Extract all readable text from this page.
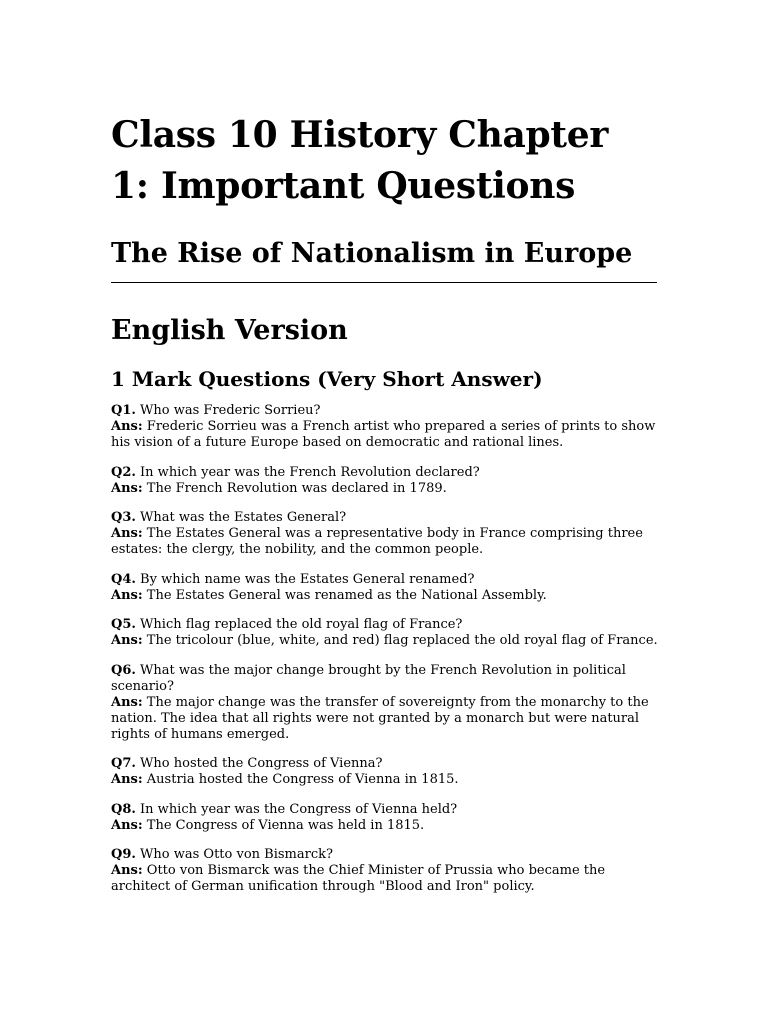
Class 10 History Chapter 1: Important Questions
The Rise of Nationalism in Europe
English Version
1 Mark Questions (Very Short Answer)

Q1. Who was Frederic Sorrieu?

Ans: Frederic Sorrieu was a French artist who prepared a series of prints to show his vision of a future Europe based on democratic and rational lines.

Q2. In which year was the French Revolution declared?

Ans: The French Revolution was declared in 1789.

Q3. What was the Estates General?

Ans: The Estates General was a representative body in France comprising three estates: the clergy, the nobility, and the common people.

Q4. By which name was the Estates General renamed?

Ans: The Estates General was renamed as the National Assembly.

Q5. Which flag replaced the old royal flag of France?

Ans: The tricolour (blue, white, and red) flag replaced the old royal flag of France.

Q6. What was the major change brought by the French Revolution in political scenario?

Ans: The major change was the transfer of sovereignty from the monarchy to the nation. The idea that all rights were not granted by a monarch but were natural rights of humans emerged.

Q7. Who hosted the Congress of Vienna?

Ans: Austria hosted the Congress of Vienna in 1815.

Q8. In which year was the Congress of Vienna held?

Ans: The Congress of Vienna was held in 1815.

Q9. Who was Otto von Bismarck?

Ans: Otto von Bismarck was the Chief Minister of Prussia who became the architect of German unification through "Blood and Iron" policy.
